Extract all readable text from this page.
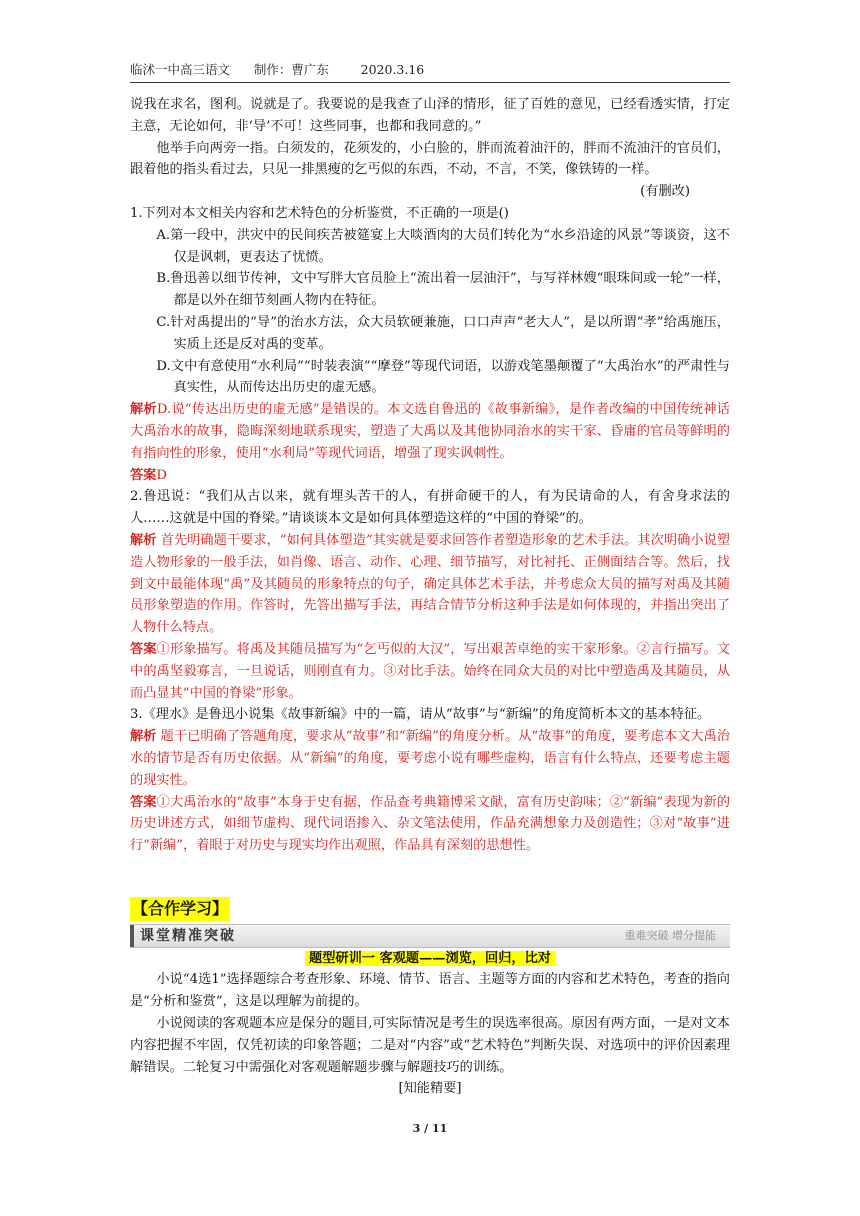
临沭一中高三语文      制作：曹广东        2020.3.16

说我在求名，图利。说就是了。我要说的是我查了山泽的情形，征了百姓的意见，已经看透实情，打定主意，无论如何，非‘导’不可！这些同事，也都和我同意的。”

他举手向两旁一指。白须发的，花须发的，小白脸的，胖而流着油汗的，胖而不流油汗的官员们，跟着他的指头看过去，只见一排黑瘦的乞丐似的东西，不动，不言，不笑，像铁铸的一样。

(有删改)

1.下列对本文相关内容和艺术特色的分析鉴赏，不正确的一项是()

A.第一段中，洪灾中的民间疾苦被筵宴上大啖酒肉的大员们转化为“水乡沿途的风景”等谈资，这不仅是讽刺，更表达了忧愤。

B.鲁迅善以细节传神，文中写胖大官员脸上“流出着一层油汗”，与写祥林嫂“眼珠间或一轮”一样，都是以外在细节刻画人物内在特征。

C.针对禹提出的“导”的治水方法，众大员软硬兼施，口口声声“老大人”，是以所谓“孝”给禹施压，实质上还是反对禹的变革。

D.文中有意使用“水利局”“时装表演”“摩登”等现代词语，以游戏笔墨颠覆了“大禹治水”的严肃性与真实性，从而传达出历史的虚无感。

解析D.说“传达出历史的虚无感”是错误的。本文选自鲁迅的《故事新编》，是作者改编的中国传统神话大禹治水的故事，隐晦深刻地联系现实，塑造了大禹以及其他协同治水的实干家、昏庸的官员等鲜明的有指向性的形象，使用“水利局”等现代词语，增强了现实讽刺性。

答案D

2.鲁迅说：“我们从古以来，就有埋头苦干的人，有拼命硬干的人，有为民请命的人，有舍身求法的人……这就是中国的脊梁。”请谈谈本文是如何具体塑造这样的“中国的脊梁”的。

解析 首先明确题干要求，“如何具体塑造”其实就是要求回答作者塑造形象的艺术手法。其次明确小说塑造人物形象的一般手法，如肖像、语言、动作、心理、细节描写，对比衬托、正侧面结合等。然后，找到文中最能体现“禹”及其随员的形象特点的句子，确定具体艺术手法，并考虑众大员的描写对禹及其随员形象塑造的作用。作答时，先答出描写手法，再结合情节分析这种手法是如何体现的，并指出突出了人物什么特点。

答案①形象描写。将禹及其随员描写为“乞丐似的大汉”，写出艰苦卓绝的实干家形象。②言行描写。文中的禹坚毅寡言，一旦说话，则刚直有力。③对比手法。始终在同众大员的对比中塑造禹及其随员，从而凸显其“中国的脊梁”形象。

3.《理水》是鲁迅小说集《故事新编》中的一篇，请从“故事”与“新编”的角度简析本文的基本特征。

解析 题干已明确了答题角度，要求从“故事”和“新编”的角度分析。从“故事”的角度，要考虑本文大禹治水的情节是否有历史依据。从“新编”的角度，要考虑小说有哪些虚构，语言有什么特点，还要考虑主题的现实性。

答案①大禹治水的“故事”本身于史有据，作品查考典籍博采文献，富有历史韵味；②“新编”表现为新的历史讲述方式，如细节虚构、现代词语掺入、杂文笔法使用，作品充满想象力及创造性；③对“故事”进行“新编”，着眼于对历史与现实均作出观照，作品具有深刻的思想性。

【合作学习】

课堂精准突破	重难突破 增分提能

题型研训一 客观题——浏览，回归，比对

小说“4选1”选择题综合考查形象、环境、情节、语言、主题等方面的内容和艺术特色，考查的指向是“分析和鉴赏”，这是以理解为前提的。

小说阅读的客观题本应是保分的题目,可实际情况是考生的误选率很高。原因有两方面，一是对文本内容把握不牢固，仅凭初读的印象答题；二是对“内容”或“艺术特色”判断失误、对选项中的评价因素理解错误。二轮复习中需强化对客观题解题步骤与解题技巧的训练。

[知能精要]

3 / 11
